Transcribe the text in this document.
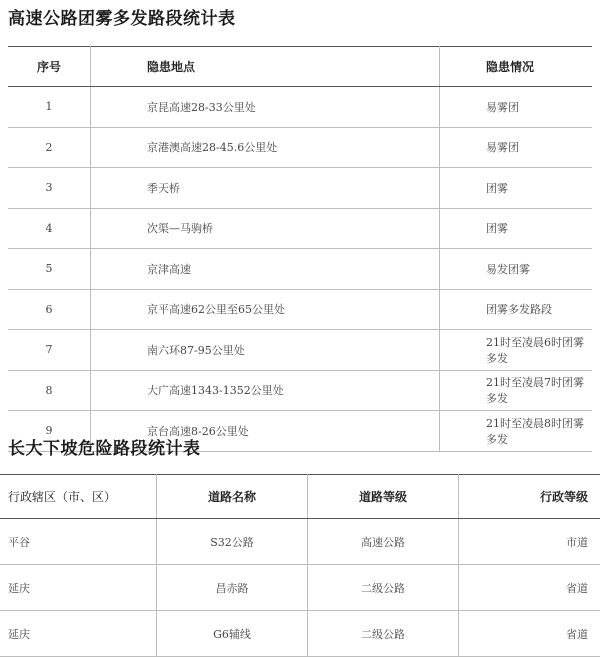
高速公路团雾多发路段统计表
序号	隐患地点	隐患情况
1	京昆高速28-33公里处	易雾团
2	京港澳高速28-45.6公里处	易雾团
3	季天桥	团雾
4	次渠—马驹桥	团雾
5	京津高速	易发团雾
6	京平高速62公里至65公里处	团雾多发路段
7	南六环87-95公里处	21时至凌晨6时团雾多发
8	大广高速1343-1352公里处	21时至凌晨7时团雾多发
9	京台高速8-26公里处	21时至凌晨8时团雾多发
长大下坡危险路段统计表
行政辖区（市、区）	道路名称	道路等级	行政等级
平谷	S32公路	高速公路	市道
延庆	昌赤路	二级公路	省道
延庆	G6辅线	二级公路	省道
